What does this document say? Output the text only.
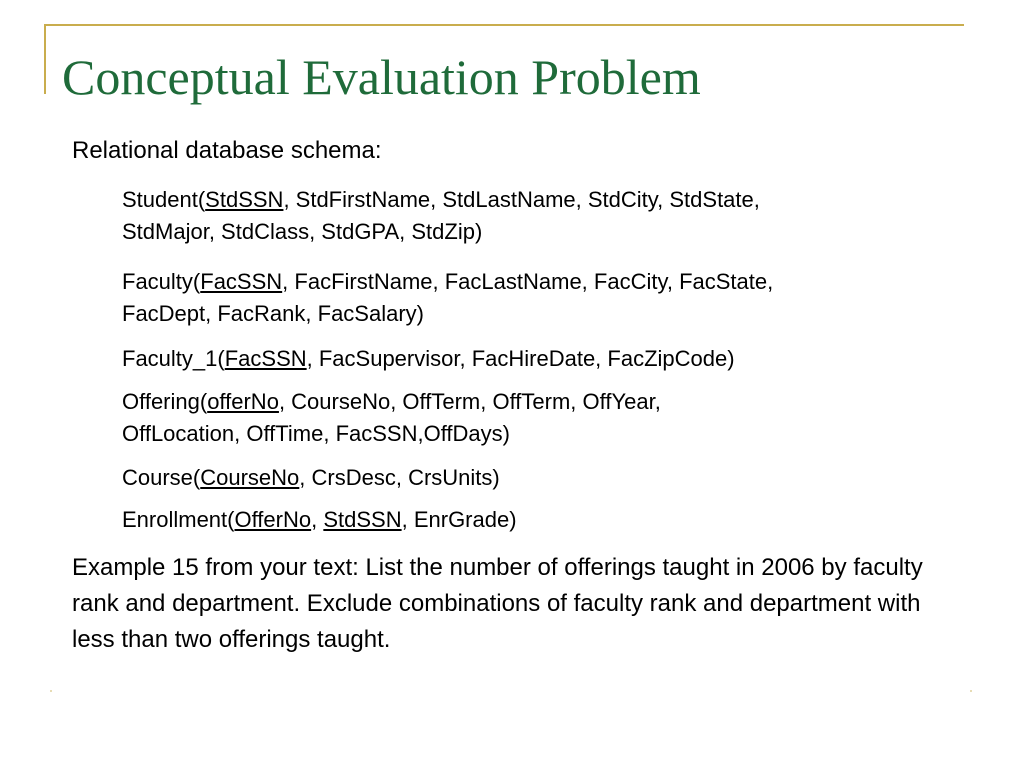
Conceptual Evaluation Problem
Relational database schema:
Student(StdSSN, StdFirstName, StdLastName, StdCity, StdState,
StdMajor, StdClass, StdGPA, StdZip)
Faculty(FacSSN, FacFirstName, FacLastName, FacCity, FacState,
FacDept, FacRank, FacSalary)
Faculty_1(FacSSN, FacSupervisor, FacHireDate, FacZipCode)
Offering(offerNo, CourseNo, OffTerm, OffTerm, OffYear,
OffLocation, OffTime, FacSSN,OffDays)
Course(CourseNo, CrsDesc, CrsUnits)
Enrollment(OfferNo, StdSSN, EnrGrade)
Example 15 from your text: List the number of offerings taught in 2006 by faculty rank and department. Exclude combinations of faculty rank and department with less than two offerings taught.
